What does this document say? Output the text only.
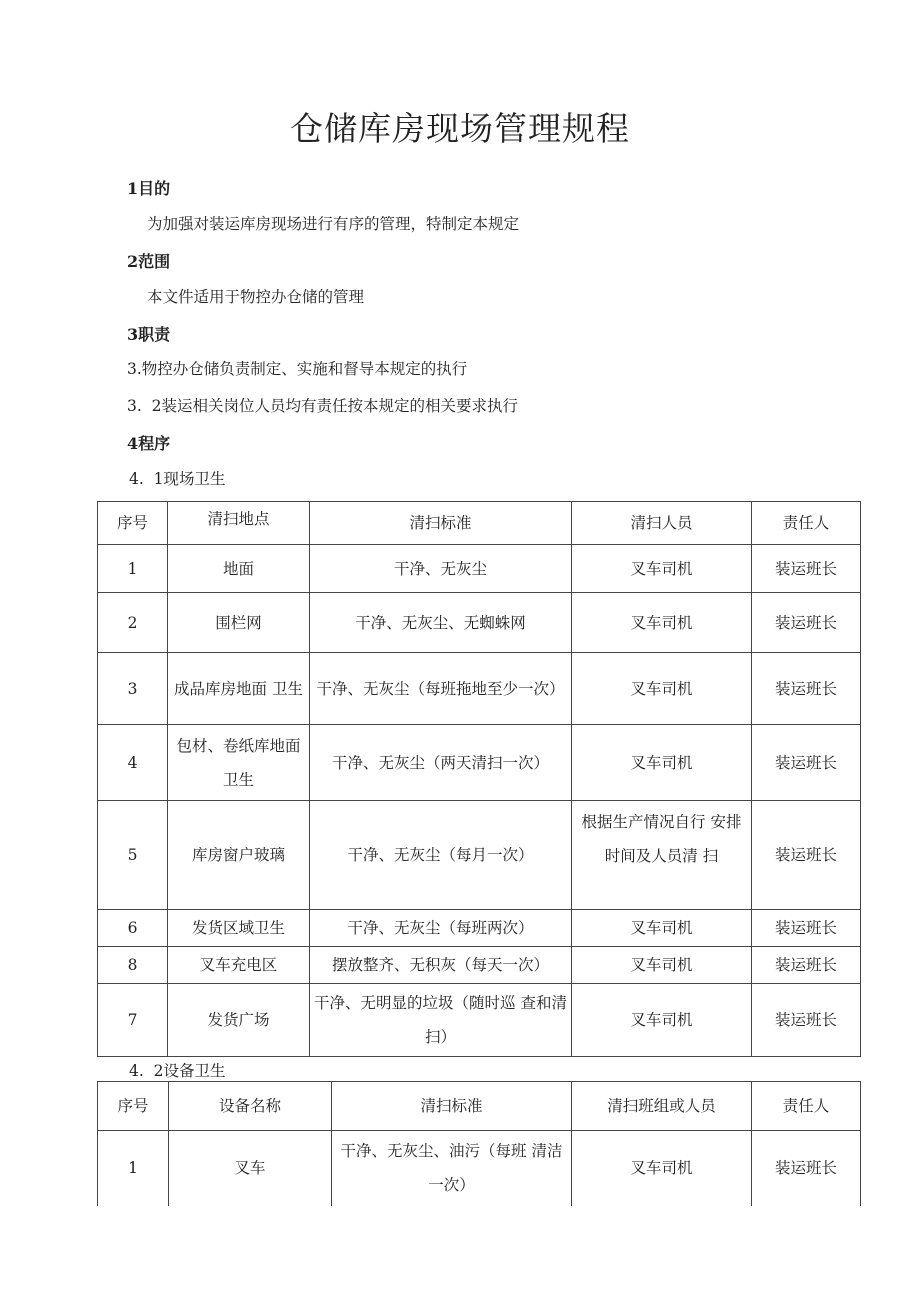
仓储库房现场管理规程
1目的
为加强对装运库房现场进行有序的管理，特制定本规定
2范围
本文件适用于物控办仓储的管理
3职责
3.物控办仓储负责制定、实施和督导本规定的执行
3.  2装运相关岗位人员均有责任按本规定的相关要求执行
4程序
4.  1现场卫生
序号	清扫地点	清扫标准	清扫人员	责任人
1	地面	干净、无灰尘	叉车司机	装运班长
2	围栏网	干净、无灰尘、无蜘蛛网	叉车司机	装运班长
3	成品库房地面 卫生	干净、无灰尘（每班拖地至少一次）	叉车司机	装运班长
4	包材、卷纸库地面卫生	干净、无灰尘（两天清扫一次）	叉车司机	装运班长
5	库房窗户玻璃	干净、无灰尘（每月一次）	根据生产情况自行 安排时间及人员清 扫	装运班长
6	发货区域卫生	干净、无灰尘（每班两次）	叉车司机	装运班长
8	叉车充电区	摆放整齐、无积灰（每天一次）	叉车司机	装运班长
7	发货广场	干净、无明显的垃圾（随时巡 查和清扫）	叉车司机	装运班长
4.  2设备卫生
序号	设备名称	清扫标准	清扫班组或人员	责任人
1	叉车	干净、无灰尘、油污（每班 清洁一次）	叉车司机	装运班长
